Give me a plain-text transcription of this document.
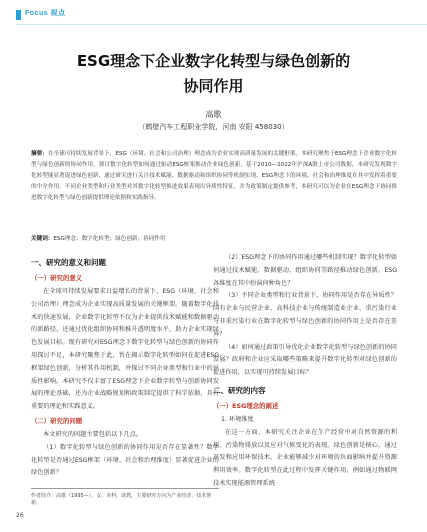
Focus 视点
ESG理念下企业数字化转型与绿色创新的
协同作用
高歌
（鹤壁汽车工程职业学院，河南 安阳 458030）
摘要：在全球可持续发展背景下，ESG（环境、社会和公司治理）理念成为企业实现高质量发展的关键框架。本研究聚焦于ESG理念下企业数字化转型与绿色创新的协同作用，探讨数字化转型如何通过驱动ESG框架推动企业绿色创新。基于2010—2022年沪深A股上市公司数据，本研究发现数字化转型能显著促进绿色创新，通过研究进行关注技术赋能、数据驱动和组织协同等机制实现。ESG理念下的环境、社会和治理维度在其中发挥着重要的中介作用。不同企业类型和行业类型对其数字化转型推进效果表现出异质性特征，并为政策制定提供参考，本研究可以为企业在ESG理念下协同推进数字化转型与绿色创新提供理论依据和实践指导。
关键词：ESG理念；数字化转型；绿色创新；协同作用
一、研究的意义和问题
（一）研究的意义

在全球可持续发展要求日益增长的背景下，ESG（环境、社会和公司治理）理念成为企业实现高质量发展的关键框架。随着数字化技术的快速发展，企业数字化转型不仅为企业提供技术赋能和数据驱动的新路径，还通过优化组织协同和推升透明度水平，助力企业实现绿色发展目标。现有研究对ESG理念下数字化转型与绿色创新的协同作用探讨不足，本研究聚焦于此，旨在揭示数字化转型如何在促进ESG框架绿色创新，分析其作用机制，并探讨不同企业类型和行业中的异质性影响。本研究不仅丰富了ESG理念下企业数字转型与创新协同发展的理论基础，还为企业战略规划和政策制定提供了科学依据，具有重要的理论和实践意义。

（二）研究的问题

本文研究的问题主要包括以下几点。

（1）数字化转型与绿色创新的协同作用是否存在显著性？数字化转型是否通过ESG框架（环境、社会和治理维度）显著促进企业的绿色创新？

（2）ESG理念下的协同作用通过哪些机制实现？数字化转型如何通过技术赋能、数据驱动、组织协同等路径推动绿色创新，ESG各维度在其中扮演何种角色？

（3）不同企业类型和行业背景下，协同作用是否存在异质性？国有企业与民营企业、高科技企业与传统制造业企业、重污染行业与非重污染行业在数字化转型与绿色创新的协同作用上是否存在差异？

（4）如何通过政策引导优化企业数字化转型与绿色创新的协同发展？政府和企业应采取哪些策略来提升数字化转型对绿色创新的促进作用，以实现可持续发展目标？

二、研究的内容
（一）ESG理念的阐述
1. 环境维度

在这一方面，本研究关注企业在生产经营中对自然资源的利用、污染物排放以及应对气候变化的表现。绿色创新是核心，通过开发和应用环保技术，企业能够减少对环境的负面影响并提升资源利用效率。数字化转型在此过程中发挥关键作用，例如通过物联网技术实现能源管理系统

作者简介：高歌（1995—），女，本科，助教，主要研究方向为产业经济，技术创新。
26
